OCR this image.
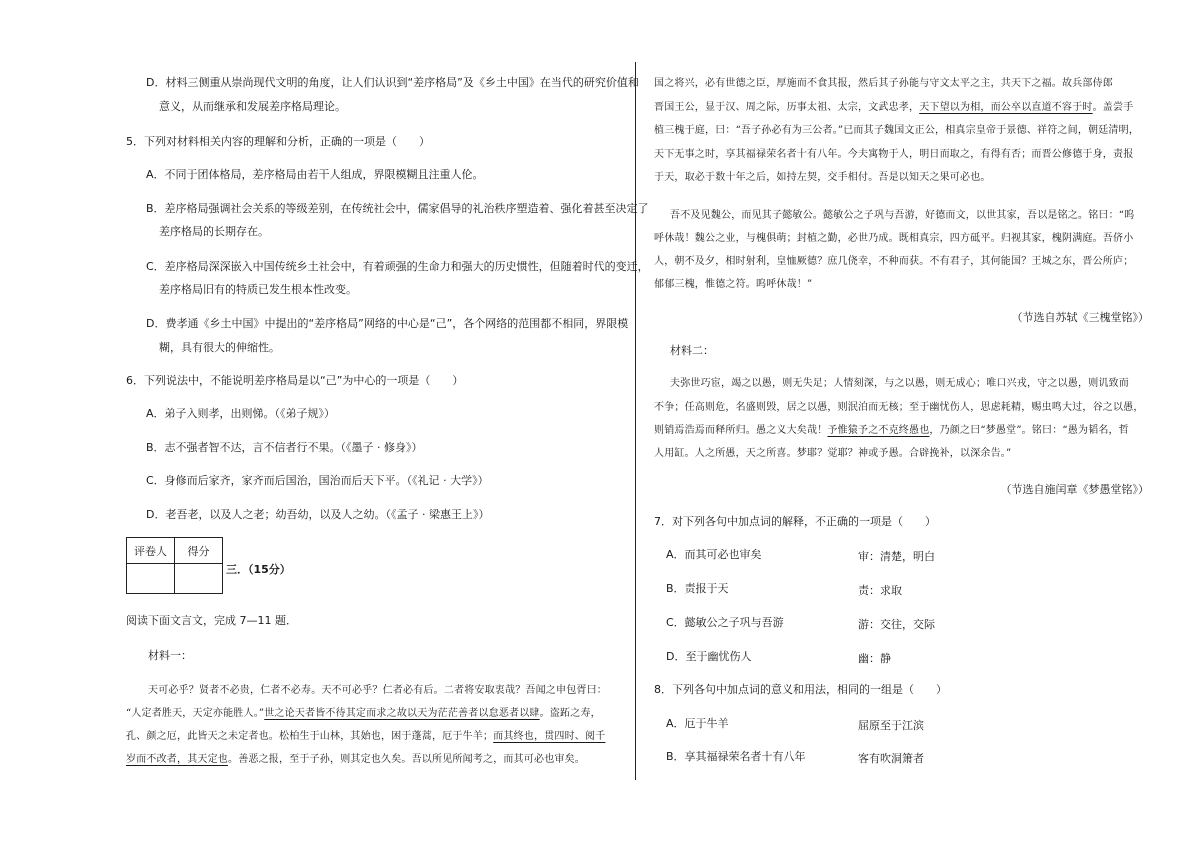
D．材料三侧重从崇尚现代文明的角度，让人们认识到“差序格局”及《乡土中国》在当代的研究价值和
意义，从而继承和发展差序格局理论。
5．下列对材料相关内容的理解和分析，正确的一项是（　　）
A．不同于团体格局，差序格局由若干人组成，界限模糊且注重人伦。
B．差序格局强调社会关系的等级差别，在传统社会中，儒家倡导的礼治秩序塑造着、强化着甚至决定了
差序格局的长期存在。
C．差序格局深深嵌入中国传统乡土社会中，有着顽强的生命力和强大的历史惯性，但随着时代的变迁，
差序格局旧有的特质已发生根本性改变。
D．费孝通《乡土中国》中提出的“差序格局”网络的中心是“己”，各个网络的范围都不相同，界限模
糊，具有很大的伸缩性。
6．下列说法中，不能说明差序格局是以“己”为中心的一项是（　　）
A．弟子入则孝，出则悌。（《弟子规》）
B．志不强者智不达，言不信者行不果。（《墨子 · 修身》）
C．身修而后家齐，家齐而后国治，国治而后天下平。（《礼记 · 大学》）
D．老吾老，以及人之老；幼吾幼，以及人之幼。（《孟子 · 梁惠王上》）
三．（15分）
阅读下面文言文，完成 7—11 题．
材料一：
天可必乎？贤者不必贵，仁者不必寿。天不可必乎？仁者必有后。二者将安取衷哉？吾闻之申包胥曰：
“人定者胜天，天定亦能胜人。”世之论天者皆不待其定而求之故以天为茫茫善者以怠恶者以肆。盗跖之寿，
孔、颜之厄，此皆天之未定者也。松柏生于山林，其始也，困于蓬蒿，厄于牛羊；而其终也，贯四时、阅千
岁而不改者，其天定也。善恶之报，至于子孙，则其定也久矣。吾以所见所闻考之，而其可必也审矣。
评卷人	得分

国之将兴，必有世德之臣，厚施而不食其报，然后其子孙能与守文太平之主，共天下之福。故兵部侍郎
晋国王公，显于汉、周之际，历事太祖、太宗，文武忠孝，天下望以为相，而公卒以直道不容于时。盖尝手
植三槐于庭，曰：“吾子孙必有为三公者。”已而其子魏国文正公，相真宗皇帝于景德、祥符之间，朝廷清明，
天下无事之时，享其福禄荣名者十有八年。今夫寓物于人，明日而取之，有得有否；而晋公修德于身，责报
于天，取必于数十年之后，如持左契，交手相付。吾是以知天之果可必也。
吾不及见魏公，而见其子懿敏公。懿敏公之子巩与吾游，好德而文，以世其家，吾以是铭之。铭曰：“呜
呼休哉！魏公之业，与槐俱萌；封植之勤，必世乃成。既相真宗，四方砥平。归视其家，槐阴满庭。吾侪小
人，朝不及夕，相时射利，皇恤厥德？庶几侥幸，不种而获。不有君子，其何能国？王城之东，晋公所庐；
郁郁三槐，惟德之符。呜呼休哉！”
（节选自苏轼《三槐堂铭》）
材料二：
夫弥世巧宦，竭之以愚，则无失足；人情刻深，与之以愚，则无成心；唯口兴戎，守之以愚，则讥致而
不争；任高则危，名盛则毁，居之以愚，则泯泊而无核；至于幽忧伤人，思虑耗精，赐虫鸣大过，谷之以愚，
则销焉浩焉而释所归。愚之义大矣哉！予惟猿予之不克终愚也，乃颜之曰“梦愚堂”。铭曰：“愚为韬名，哲
人用缸。人之所愚，天之所喜。梦耶？觉耶？神或予愚。合辟挽补，以深余告。”
（节选自施闰章《梦愚堂铭》）
7．对下列各句中加点词的解释，不正确的一项是（　　）
A．而其可必也审矣	审：清楚，明白
B．责报于天	责：求取
C．懿敏公之子巩与吾游	游：交往，交际
D．至于幽忧伤人	幽：静
8．下列各句中加点词的意义和用法，相同的一组是（　　）
A．厄于牛羊	屈原至于江滨
B．享其福禄荣名者十有八年	客有吹洞箫者
